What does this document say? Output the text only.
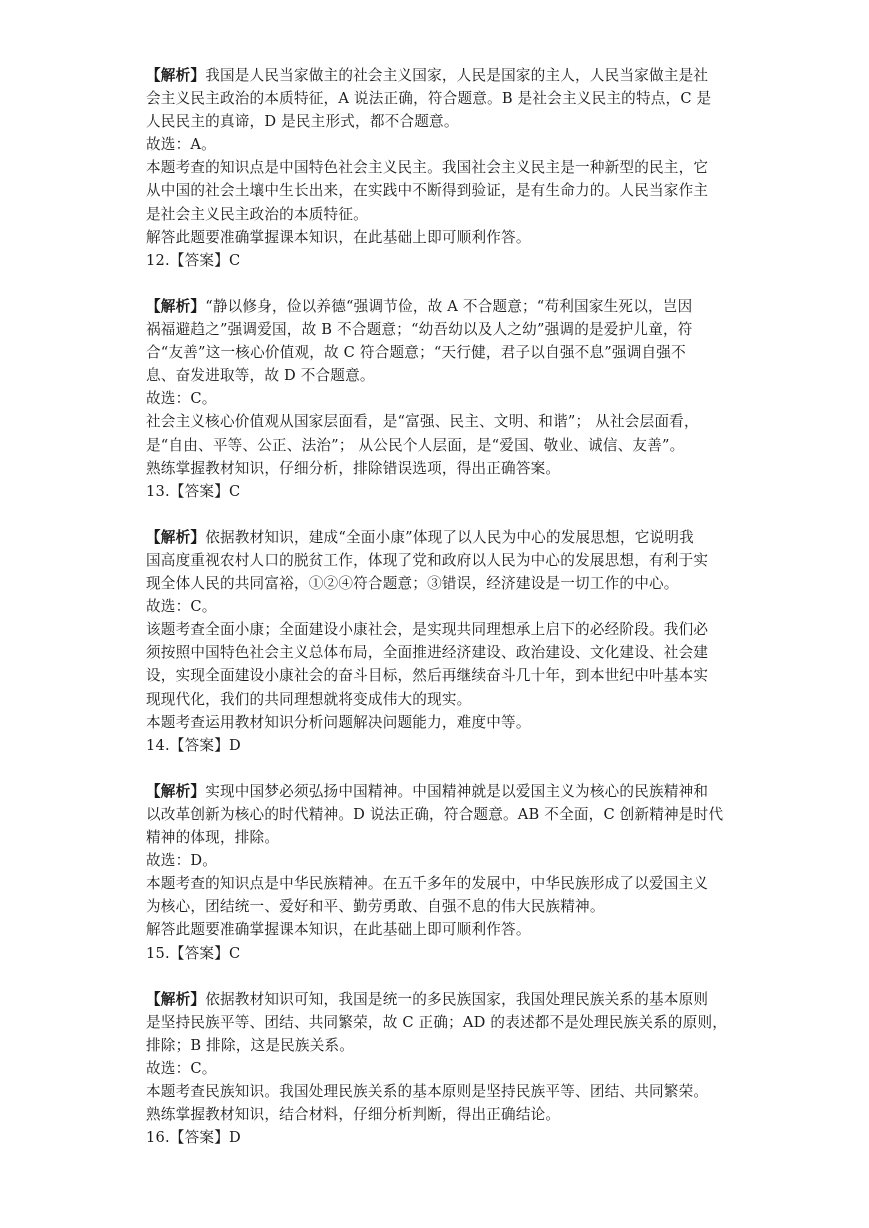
【解析】我国是人民当家做主的社会主义国家，人民是国家的主人，人民当家做主是社
会主义民主政治的本质特征，A 说法正确，符合题意。B 是社会主义民主的特点，C 是
人民民主的真谛，D 是民主形式，都不合题意。
故选：A。
本题考查的知识点是中国特色社会主义民主。我国社会主义民主是一种新型的民主，它
从中国的社会土壤中生长出来，在实践中不断得到验证，是有生命力的。人民当家作主
是社会主义民主政治的本质特征。
解答此题要准确掌握课本知识，在此基础上即可顺利作答。
12.【答案】C
【解析】“静以修身，俭以养德“强调节俭，故 A 不合题意；“苟利国家生死以，岂因
祸福避趋之”强调爱国，故 B 不合题意；“幼吾幼以及人之幼”强调的是爱护儿童，符
合“友善”这一核心价值观，故 C 符合题意；“天行健，君子以自强不息”强调自强不
息、奋发进取等，故 D 不合题意。
故选：C。
社会主义核心价值观从国家层面看，是“富强、民主、文明、和谐”； 从社会层面看，
是“自由、平等、公正、法治”； 从公民个人层面，是“爱国、敬业、诚信、友善”。
熟练掌握教材知识，仔细分析，排除错误选项，得出正确答案。
13.【答案】C
【解析】依据教材知识，建成“全面小康”体现了以人民为中心的发展思想，它说明我
国高度重视农村人口的脱贫工作，体现了党和政府以人民为中心的发展思想，有利于实
现全体人民的共同富裕，①②④符合题意；③错误，经济建设是一切工作的中心。
故选：C。
该题考查全面小康；全面建设小康社会，是实现共同理想承上启下的必经阶段。我们必
须按照中国特色社会主义总体布局，全面推进经济建设、政治建设、文化建设、社会建
设，实现全面建设小康社会的奋斗目标，然后再继续奋斗几十年，到本世纪中叶基本实
现现代化，我们的共同理想就将变成伟大的现实。
本题考查运用教材知识分析问题解决问题能力，难度中等。
14.【答案】D
【解析】实现中国梦必须弘扬中国精神。中国精神就是以爱国主义为核心的民族精神和
以改革创新为核心的时代精神。D 说法正确，符合题意。AB 不全面，C 创新精神是时代
精神的体现，排除。
故选：D。
本题考查的知识点是中华民族精神。在五千多年的发展中，中华民族形成了以爱国主义
为核心，团结统一、爱好和平、勤劳勇敢、自强不息的伟大民族精神。
解答此题要准确掌握课本知识，在此基础上即可顺利作答。
15.【答案】C
【解析】依据教材知识可知，我国是统一的多民族国家，我国处理民族关系的基本原则
是坚持民族平等、团结、共同繁荣，故 C 正确；AD 的表述都不是处理民族关系的原则，
排除；B 排除，这是民族关系。
故选：C。
本题考查民族知识。我国处理民族关系的基本原则是坚持民族平等、团结、共同繁荣。
熟练掌握教材知识，结合材料，仔细分析判断，得出正确结论。
16.【答案】D
